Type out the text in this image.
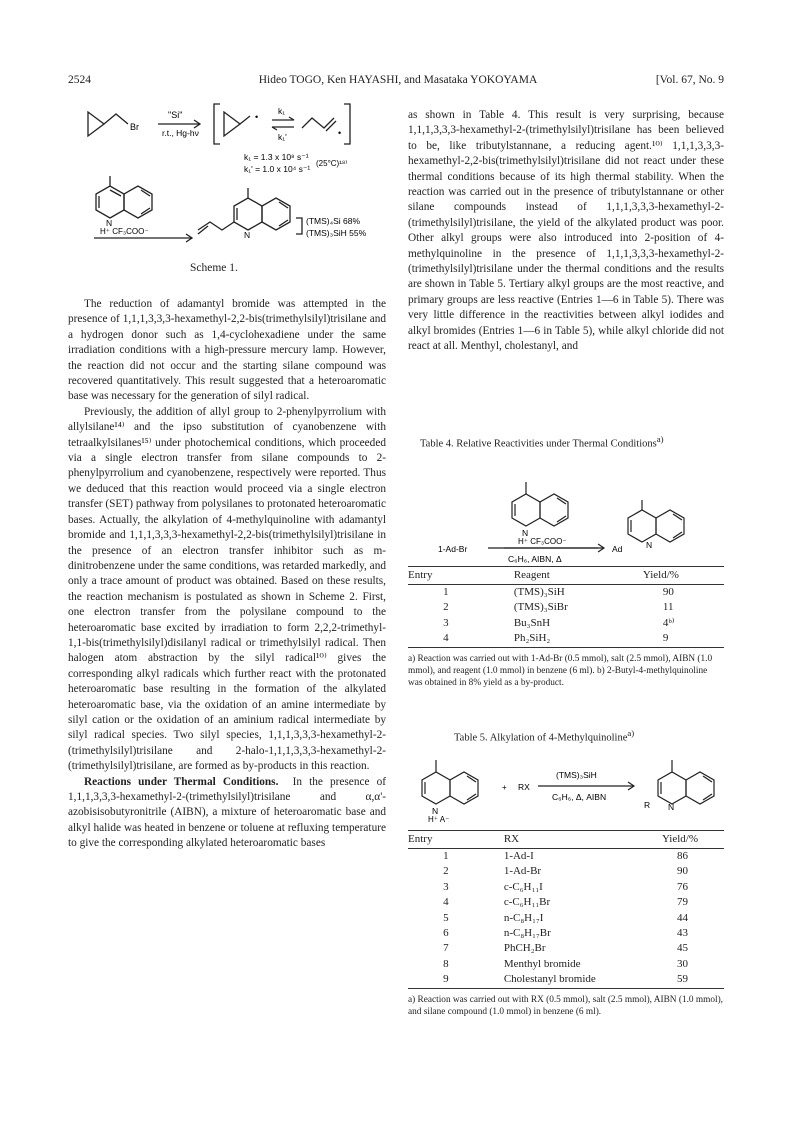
2524	Hideo TOGO, Ken HAYASHI, and Masataka YOKOYAMA	[Vol. 67, No. 9
Br
"Si"
r.t., Hg-hν
•
k₁
k₁'	•
k₁ = 1.3 x 10⁸ s⁻¹
k₁' = 1.0 x 10⁴ s⁻¹
(25°C)¹⁸⁾
N
H⁺ CF₃COO⁻	N
(TMS)₄Si 68%
(TMS)₃SiH 55%
Scheme 1.

The reduction of adamantyl bromide was attempted in the presence of 1,1,1,3,3,3-hexamethyl-2,2-bis(trimethylsilyl)trisilane and a hydrogen donor such as 1,4-cyclohexadiene under the same irradiation conditions with a high-pressure mercury lamp. However, the reaction did not occur and the starting silane compound was recovered quantitatively. This result suggested that a heteroaromatic base was necessary for the generation of silyl radical.

Previously, the addition of allyl group to 2-phenylpyrrolium with allylsilane¹⁴⁾ and the ipso substitution of cyanobenzene with tetraalkylsilanes¹⁵⁾ under photochemical conditions, which proceeded via a single electron transfer from silane compounds to 2-phenylpyrrolium and cyanobenzene, respectively were reported. Thus we deduced that this reaction would proceed via a single electron transfer (SET) pathway from polysilanes to protonated heteroaromatic bases. Actually, the alkylation of 4-methylquinoline with adamantyl bromide and 1,1,1,3,3,3-hexamethyl-2,2-bis(trimethylsilyl)trisilane in the presence of an electron transfer inhibitor such as m-dinitrobenzene under the same conditions, was retarded markedly, and only a trace amount of product was obtained. Based on these results, the reaction mechanism is postulated as shown in Scheme 2. First, one electron transfer from the polysilane compound to the heteroaromatic base excited by irradiation to form 2,2,2-trimethyl-1,1-bis(trimethylsilyl)disilanyl radical or trimethylsilyl radical. Then halogen atom abstraction by the silyl radical¹⁰⁾ gives the corresponding alkyl radicals which further react with the protonated heteroaromatic base resulting in the formation of the alkylated heteroaromatic base, via the oxidation of an amine intermediate by silyl cation or the oxidation of an aminium radical intermediate by silyl radical species. Two silyl species, 1,1,1,3,3,3-hexamethyl-2-(trimethylsilyl)trisilane and 2-halo-1,1,1,3,3,3-hexamethyl-2-(trimethylsilyl)trisilane, are formed as by-products in this reaction.

Reactions under Thermal Conditions. In the presence of 1,1,1,3,3,3-hexamethyl-2-(trimethylsilyl)trisilane and α,α'-azobisisobutyronitrile (AIBN), a mixture of heteroaromatic base and alkyl halide was heated in benzene or toluene at refluxing temperature to give the corresponding alkylated heteroaromatic bases

as shown in Table 4. This result is very surprising, because 1,1,1,3,3,3-hexamethyl-2-(trimethylsilyl)trisilane has been believed to be, like tributylstannane, a reducing agent.¹⁰⁾ 1,1,1,3,3,3-hexamethyl-2,2-bis(trimethylsilyl)trisilane did not react under these thermal conditions because of its high thermal stability. When the reaction was carried out in the presence of tributylstannane or other silane compounds instead of 1,1,1,3,3,3-hexamethyl-2-(trimethylsilyl)trisilane, the yield of the alkylated product was poor. Other alkyl groups were also introduced into 2-position of 4-methylquinoline in the presence of 1,1,1,3,3,3-hexamethyl-2-(trimethylsilyl)trisilane under the thermal conditions and the results are shown in Table 5. Tertiary alkyl groups are the most reactive, and primary groups are less reactive (Entries 1—6 in Table 5). There was very little difference in the reactivities between alkyl iodides and alkyl bromides (Entries 1—6 in Table 5), while alkyl chloride did not react at all. Menthyl, cholestanyl, and

Table 4. Relative Reactivities under Thermal Conditions$^{a)}$
N
H⁺ CF₃COO⁻
1-Ad-Br
C₆H₆, AIBN, Δ
N
Ad
Entry	Reagent	Yield/%
1	(TMS)₃SiH	90
2	(TMS)₃SiBr	11
3	Bu₃SnH	4ᵇ⁾
4	Ph₂SiH₂	9
a) Reaction was carried out with 1-Ad-Br (0.5 mmol), salt (2.5 mmol), AIBN (1.0 mmol), and reagent (1.0 mmol) in benzene (6 ml). b) 2-Butyl-4-methylquinoline was obtained in 8% yield as a by-product.
Table 5. Alkylation of 4-Methylquinoline$^{a)}$
N
H⁺ A⁻
+ RX
(TMS)₃SiH
C₆H₆, Δ, AIBN
N
R
Entry	RX	Yield/%
1	1-Ad-I	86
2	1-Ad-Br	90
3	c-C₆H₁₁I	76
4	c-C₆H₁₁Br	79
5	n-C₈H₁₇I	44
6	n-C₈H₁₇Br	43
7	PhCH₂Br	45
8	Menthyl bromide	30
9	Cholestanyl bromide	59
a) Reaction was carried out with RX (0.5 mmol), salt (2.5 mmol), AIBN (1.0 mmol), and silane compound (1.0 mmol) in benzene (6 ml).
